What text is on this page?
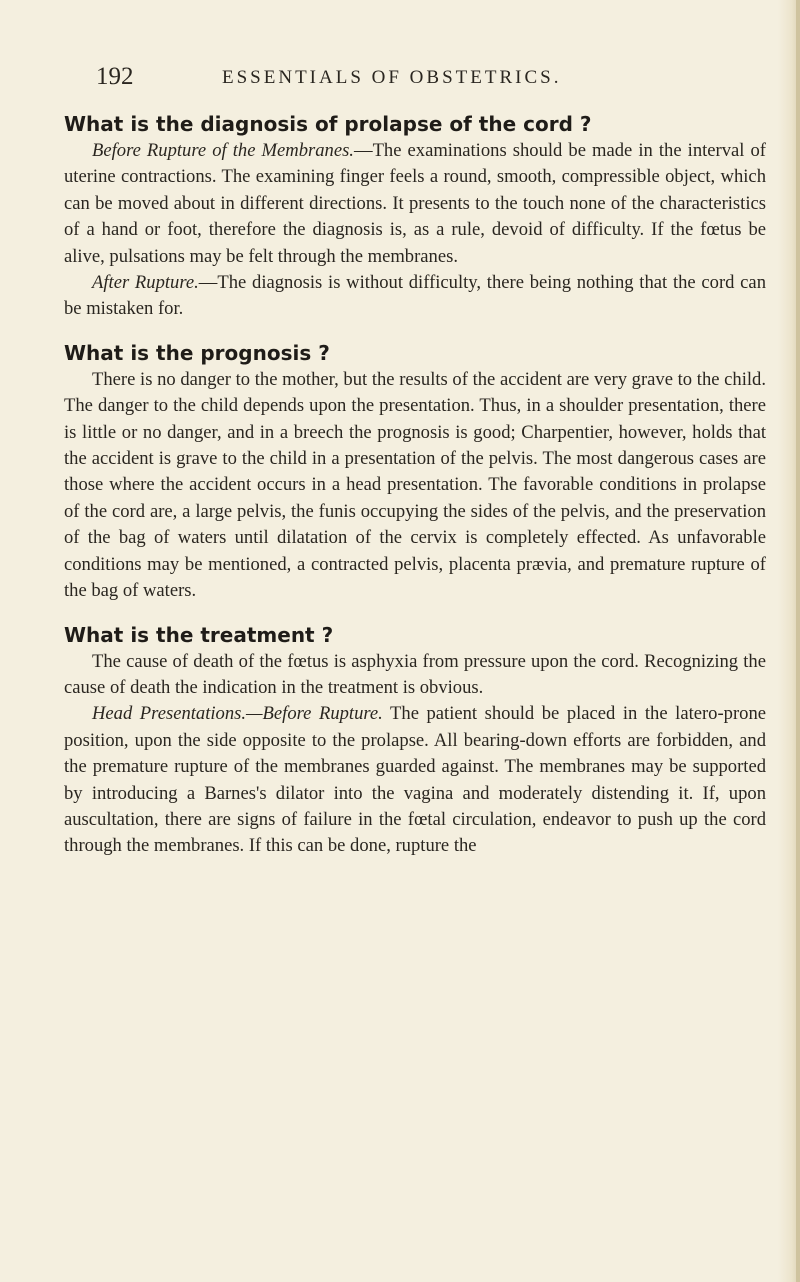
192	ESSENTIALS OF OBSTETRICS.

What is the diagnosis of prolapse of the cord ?

Before Rupture of the Membranes.—The examinations should be made in the interval of uterine contractions. The examining finger feels a round, smooth, compressible object, which can be moved about in different directions. It presents to the touch none of the characteristics of a hand or foot, therefore the diagnosis is, as a rule, devoid of difficulty. If the fœtus be alive, pulsations may be felt through the membranes.

After Rupture.—The diagnosis is without difficulty, there being nothing that the cord can be mistaken for.

What is the prognosis ?

There is no danger to the mother, but the results of the accident are very grave to the child. The danger to the child depends upon the presentation. Thus, in a shoulder presentation, there is little or no danger, and in a breech the prognosis is good; Charpentier, however, holds that the accident is grave to the child in a presentation of the pelvis. The most dangerous cases are those where the accident occurs in a head presentation. The favorable conditions in prolapse of the cord are, a large pelvis, the funis occupying the sides of the pelvis, and the preservation of the bag of waters until dilatation of the cervix is completely effected. As unfavorable conditions may be mentioned, a contracted pelvis, placenta prævia, and premature rupture of the bag of waters.

What is the treatment ?

The cause of death of the fœtus is asphyxia from pressure upon the cord. Recognizing the cause of death the indication in the treatment is obvious.

Head Presentations.—Before Rupture. The patient should be placed in the latero-prone position, upon the side opposite to the prolapse. All bearing-down efforts are forbidden, and the premature rupture of the membranes guarded against. The membranes may be supported by introducing a Barnes's dilator into the vagina and moderately distending it. If, upon auscultation, there are signs of failure in the fœtal circulation, endeavor to push up the cord through the membranes. If this can be done, rupture the
